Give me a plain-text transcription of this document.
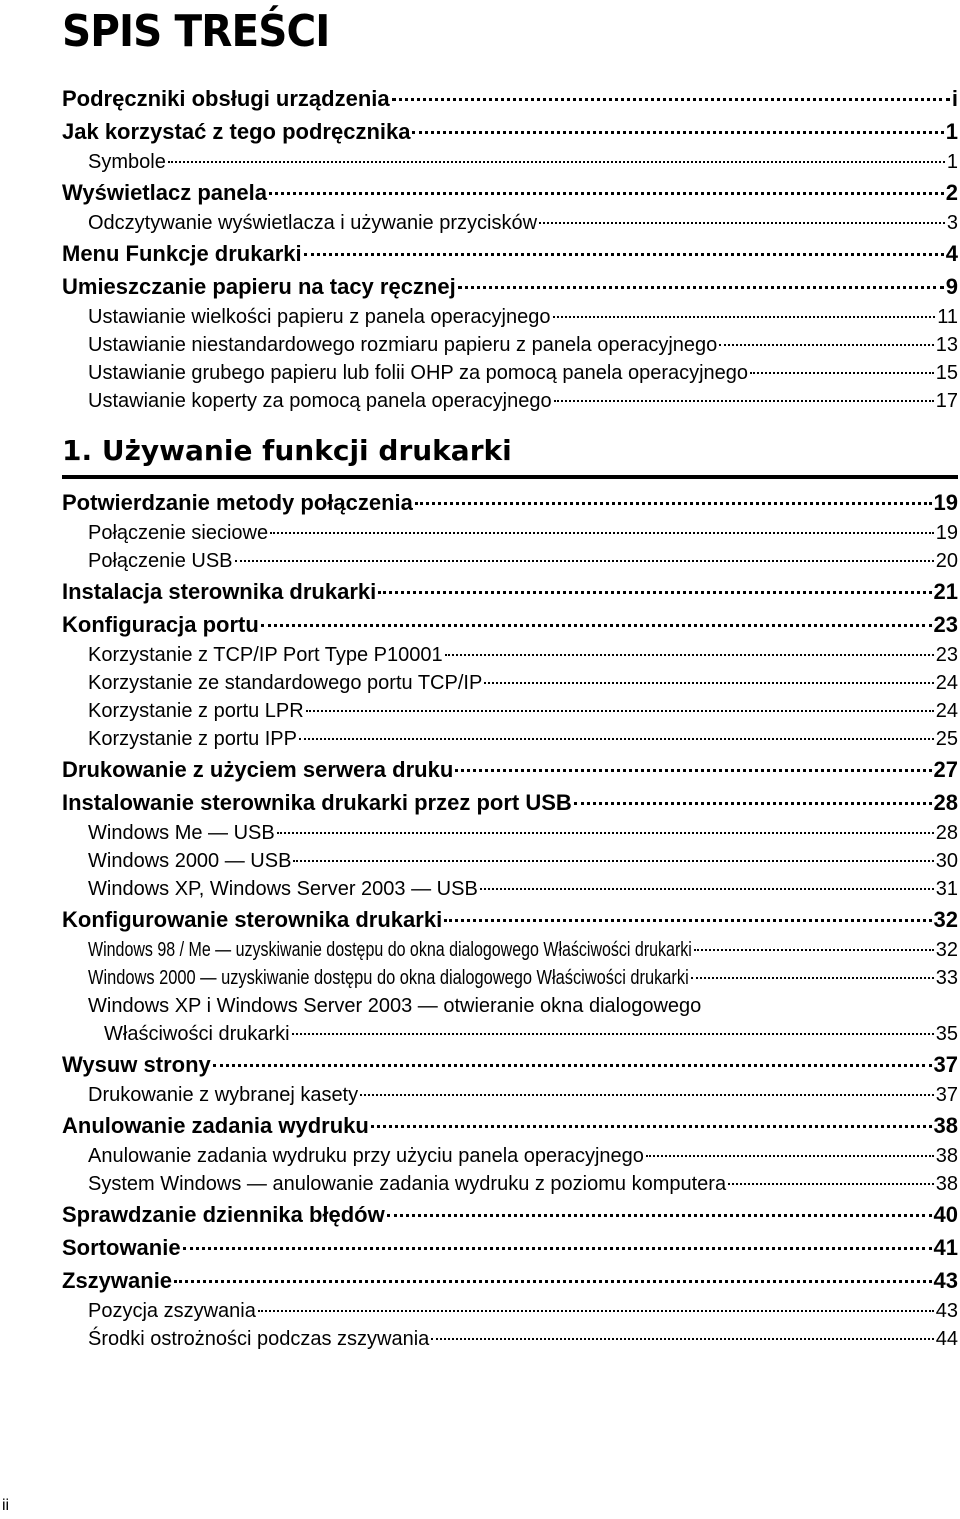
SPIS TREŚCI
Podręczniki obsługi urządzenia	i
Jak korzystać z tego podręcznika	1
Symbole	1
Wyświetlacz panela	2
Odczytywanie wyświetlacza i używanie przycisków	3
Menu Funkcje drukarki	4
Umieszczanie papieru na tacy ręcznej	9
Ustawianie wielkości papieru z panela operacyjnego	11
Ustawianie niestandardowego rozmiaru papieru z panela operacyjnego	13
Ustawianie grubego papieru lub folii OHP za pomocą panela operacyjnego	15
Ustawianie koperty za pomocą panela operacyjnego	17
1. Używanie funkcji drukarki
Potwierdzanie metody połączenia	19
Połączenie sieciowe	19
Połączenie USB	20
Instalacja sterownika drukarki	21
Konfiguracja portu	23
Korzystanie z TCP/IP Port Type P10001	23
Korzystanie ze standardowego portu TCP/IP	24
Korzystanie z portu LPR	24
Korzystanie z portu IPP	25
Drukowanie z użyciem serwera druku	27
Instalowanie sterownika drukarki przez port USB	28
Windows Me — USB	28
Windows 2000 — USB	30
Windows XP, Windows Server 2003 — USB	31
Konfigurowanie sterownika drukarki	32
Windows 98 / Me — uzyskiwanie dostępu do okna dialogowego Właściwości drukarki	32
Windows 2000 — uzyskiwanie dostępu do okna dialogowego Właściwości drukarki	33
Windows XP i Windows Server 2003 — otwieranie okna dialogowego
Właściwości drukarki	35
Wysuw strony	37
Drukowanie z wybranej kasety	37
Anulowanie zadania wydruku	38
Anulowanie zadania wydruku przy użyciu panela operacyjnego	38
System Windows — anulowanie zadania wydruku z poziomu komputera	38
Sprawdzanie dziennika błędów	40
Sortowanie	41
Zszywanie	43
Pozycja zszywania	43
Środki ostrożności podczas zszywania	44
ii
